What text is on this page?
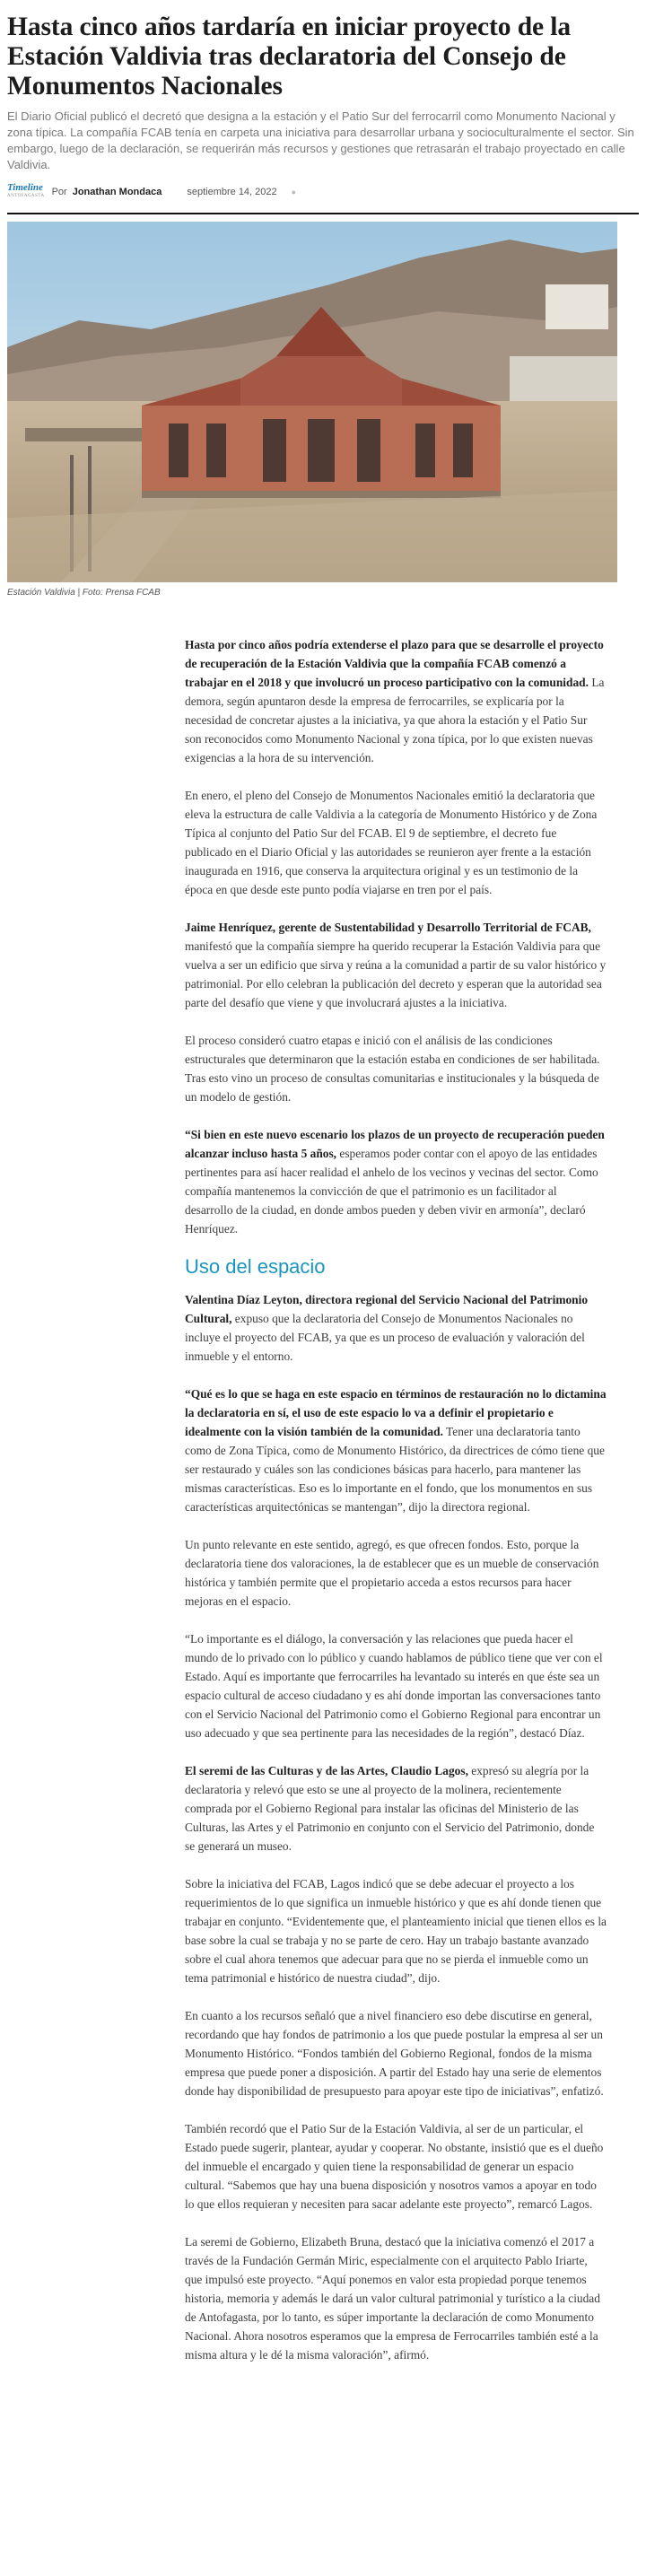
Hasta cinco años tardaría en iniciar proyecto de la Estación Valdivia tras declaratoria del Consejo de Monumentos Nacionales

El Diario Oficial publicó el decretó que designa a la estación y el Patio Sur del ferrocarril como Monumento Nacional y zona típica. La compañía FCAB tenía en carpeta una iniciativa para desarrollar urbana y socioculturalmente el sector. Sin embargo, luego de la declaración, se requerirán más recursos y gestiones que retrasarán el trabajo proyectado en calle Valdivia.

Timeline
ANTOFAGASTA Por Jonathan Mondaca	septiembre 14, 2022 ●
Estación Valdivia | Foto: Prensa FCAB

Hasta por cinco años podría extenderse el plazo para que se desarrolle el proyecto de recuperación de la Estación Valdivia que la compañía FCAB comenzó a trabajar en el 2018 y que involucró un proceso participativo con la comunidad. La demora, según apuntaron desde la empresa de ferrocarriles, se explicaría por la necesidad de concretar ajustes a la iniciativa, ya que ahora la estación y el Patio Sur son reconocidos como Monumento Nacional y zona típica, por lo que existen nuevas exigencias a la hora de su intervención.

En enero, el pleno del Consejo de Monumentos Nacionales emitió la declaratoria que eleva la estructura de calle Valdivia a la categoría de Monumento Histórico y de Zona Típica al conjunto del Patio Sur del FCAB. El 9 de septiembre, el decreto fue publicado en el Diario Oficial y las autoridades se reunieron ayer frente a la estación inaugurada en 1916, que conserva la arquitectura original y es un testimonio de la época en que desde este punto podía viajarse en tren por el país.

Jaime Henríquez, gerente de Sustentabilidad y Desarrollo Territorial de FCAB, manifestó que la compañía siempre ha querido recuperar la Estación Valdivia para que vuelva a ser un edificio que sirva y reúna a la comunidad a partir de su valor histórico y patrimonial. Por ello celebran la publicación del decreto y esperan que la autoridad sea parte del desafío que viene y que involucrará ajustes a la iniciativa.

El proceso consideró cuatro etapas e inició con el análisis de las condiciones estructurales que determinaron que la estación estaba en condiciones de ser habilitada. Tras esto vino un proceso de consultas comunitarias e institucionales y la búsqueda de un modelo de gestión.

“Si bien en este nuevo escenario los plazos de un proyecto de recuperación pueden alcanzar incluso hasta 5 años, esperamos poder contar con el apoyo de las entidades pertinentes para así hacer realidad el anhelo de los vecinos y vecinas del sector. Como compañía mantenemos la convicción de que el patrimonio es un facilitador al desarrollo de la ciudad, en donde ambos pueden y deben vivir en armonía”, declaró Henríquez.

Uso del espacio

Valentina Díaz Leyton, directora regional del Servicio Nacional del Patrimonio Cultural, expuso que la declaratoria del Consejo de Monumentos Nacionales no incluye el proyecto del FCAB, ya que es un proceso de evaluación y valoración del inmueble y el entorno.

“Qué es lo que se haga en este espacio en términos de restauración no lo dictamina la declaratoria en sí, el uso de este espacio lo va a definir el propietario e idealmente con la visión también de la comunidad. Tener una declaratoria tanto como de Zona Típica, como de Monumento Histórico, da directrices de cómo tiene que ser restaurado y cuáles son las condiciones básicas para hacerlo, para mantener las mismas características. Eso es lo importante en el fondo, que los monumentos en sus características arquitectónicas se mantengan”, dijo la directora regional.

Un punto relevante en este sentido, agregó, es que ofrecen fondos. Esto, porque la declaratoria tiene dos valoraciones, la de establecer que es un mueble de conservación histórica y también permite que el propietario acceda a estos recursos para hacer mejoras en el espacio.

“Lo importante es el diálogo, la conversación y las relaciones que pueda hacer el mundo de lo privado con lo público y cuando hablamos de público tiene que ver con el Estado. Aquí es importante que ferrocarriles ha levantado su interés en que éste sea un espacio cultural de acceso ciudadano y es ahí donde importan las conversaciones tanto con el Servicio Nacional del Patrimonio como el Gobierno Regional para encontrar un uso adecuado y que sea pertinente para las necesidades de la región”, destacó Díaz.

El seremi de las Culturas y de las Artes, Claudio Lagos, expresó su alegría por la declaratoria y relevó que esto se une al proyecto de la molinera, recientemente comprada por el Gobierno Regional para instalar las oficinas del Ministerio de las Culturas, las Artes y el Patrimonio en conjunto con el Servicio del Patrimonio, donde se generará un museo.

Sobre la iniciativa del FCAB, Lagos indicó que se debe adecuar el proyecto a los requerimientos de lo que significa un inmueble histórico y que es ahí donde tienen que trabajar en conjunto. “Evidentemente que, el planteamiento inicial que tienen ellos es la base sobre la cual se trabaja y no se parte de cero. Hay un trabajo bastante avanzado sobre el cual ahora tenemos que adecuar para que no se pierda el inmueble como un tema patrimonial e histórico de nuestra ciudad”, dijo.

En cuanto a los recursos señaló que a nivel financiero eso debe discutirse en general, recordando que hay fondos de patrimonio a los que puede postular la empresa al ser un Monumento Histórico. “Fondos también del Gobierno Regional, fondos de la misma empresa que puede poner a disposición. A partir del Estado hay una serie de elementos donde hay disponibilidad de presupuesto para apoyar este tipo de iniciativas”, enfatizó.

También recordó que el Patio Sur de la Estación Valdivia, al ser de un particular, el Estado puede sugerir, plantear, ayudar y cooperar. No obstante, insistió que es el dueño del inmueble el encargado y quien tiene la responsabilidad de generar un espacio cultural. “Sabemos que hay una buena disposición y nosotros vamos a apoyar en todo lo que ellos requieran y necesiten para sacar adelante este proyecto”, remarcó Lagos.

La seremi de Gobierno, Elizabeth Bruna, destacó que la iniciativa comenzó el 2017 a través de la Fundación Germán Miric, especialmente con el arquitecto Pablo Iriarte, que impulsó este proyecto. “Aquí ponemos en valor esta propiedad porque tenemos historia, memoria y además le dará un valor cultural patrimonial y turístico a la ciudad de Antofagasta, por lo tanto, es súper importante la declaración de como Monumento Nacional. Ahora nosotros esperamos que la empresa de Ferrocarriles también esté a la misma altura y le dé la misma valoración”, afirmó.
